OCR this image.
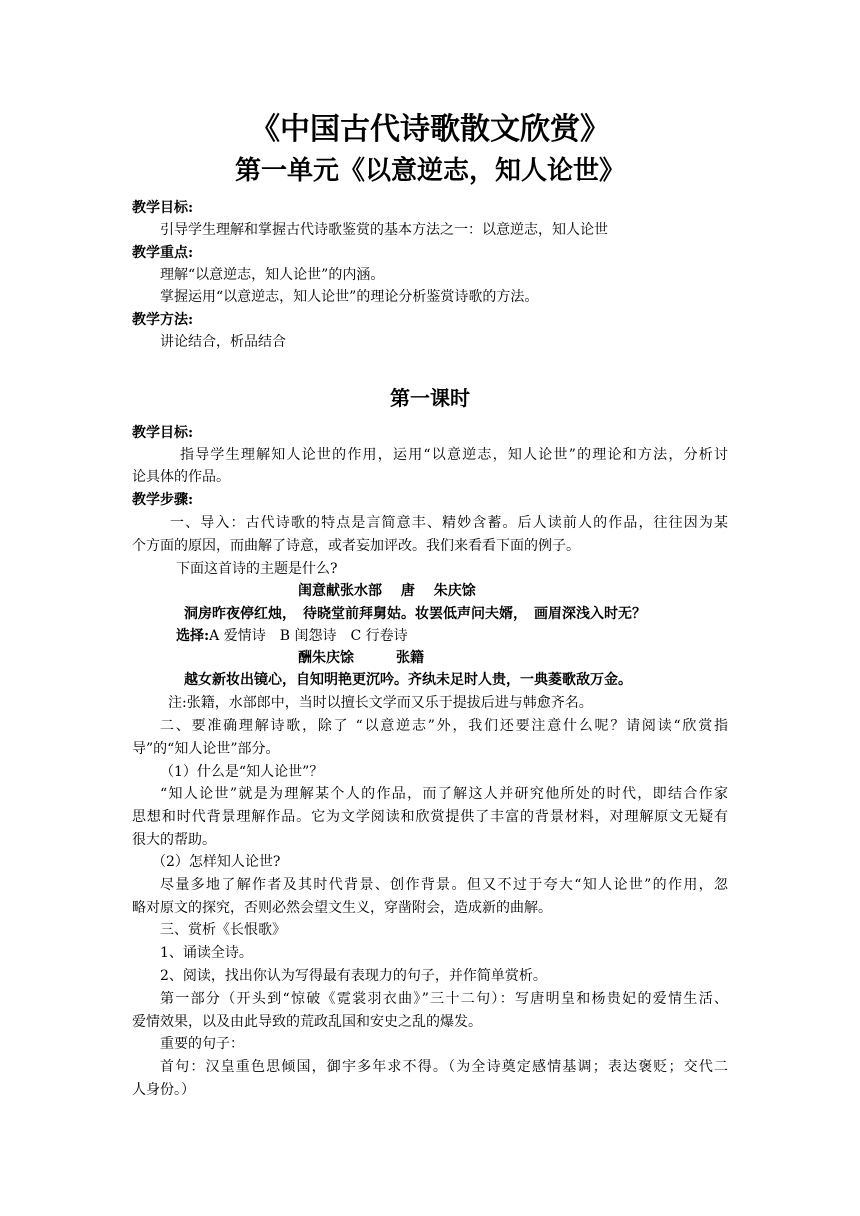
《中国古代诗歌散文欣赏》
第一单元《以意逆志，知人论世》
教学目标:
引导学生理解和掌握古代诗歌鉴赏的基本方法之一：以意逆志，知人论世
教学重点:
理解“以意逆志，知人论世”的内涵。
掌握运用“以意逆志，知人论世”的理论分析鉴赏诗歌的方法。
教学方法:
讲论结合，析品结合
第一课时
教学目标:
指导学生理解知人论世的作用，运用“以意逆志，知人论世”的理论和方法，分析讨
论具体的作品。
教学步骤:
一、导入：古代诗歌的特点是言简意丰、精妙含蓄。后人读前人的作品，往往因为某
个方面的原因，而曲解了诗意，或者妄加评改。我们来看看下面的例子。
下面这首诗的主题是什么?
闺意献张水部　 唐　 朱庆馀
洞房昨夜停红烛，　待晓堂前拜舅姑。妆罢低声问夫婿，　画眉深浅入时无？
选择:A 爱情诗　B 闺怨诗　C 行卷诗
酬朱庆馀　　　张籍
越女新妆出镜心，自知明艳更沉吟。齐纨未足时人贵，一典菱歌敌万金。
注:张籍，水部郎中，当时以擅长文学而又乐于提拔后进与韩愈齐名。
二、要准确理解诗歌，除了 “以意逆志”外，我们还要注意什么呢？请阅读“欣赏指
导”的“知人论世”部分。
（1）什么是“知人论世”？
“知人论世”就是为理解某个人的作品，而了解这人并研究他所处的时代，即结合作家
思想和时代背景理解作品。它为文学阅读和欣赏提供了丰富的背景材料，对理解原文无疑有
很大的帮助。
（2）怎样知人论世?
尽量多地了解作者及其时代背景、创作背景。但又不过于夸大“知人论世”的作用，忽
略对原文的探究，否则必然会望文生义，穿凿附会，造成新的曲解。
三、赏析《长恨歌》
1、诵读全诗。
2、阅读，找出你认为写得最有表现力的句子，并作简单赏析。
第一部分（开头到“惊破《霓裳羽衣曲》”三十二句）：写唐明皇和杨贵妃的爱情生活、
爱情效果，以及由此导致的荒政乱国和安史之乱的爆发。
重要的句子：
首句：汉皇重色思倾国，御宇多年求不得。（为全诗奠定感情基调；表达褒贬；交代二
人身份。）
